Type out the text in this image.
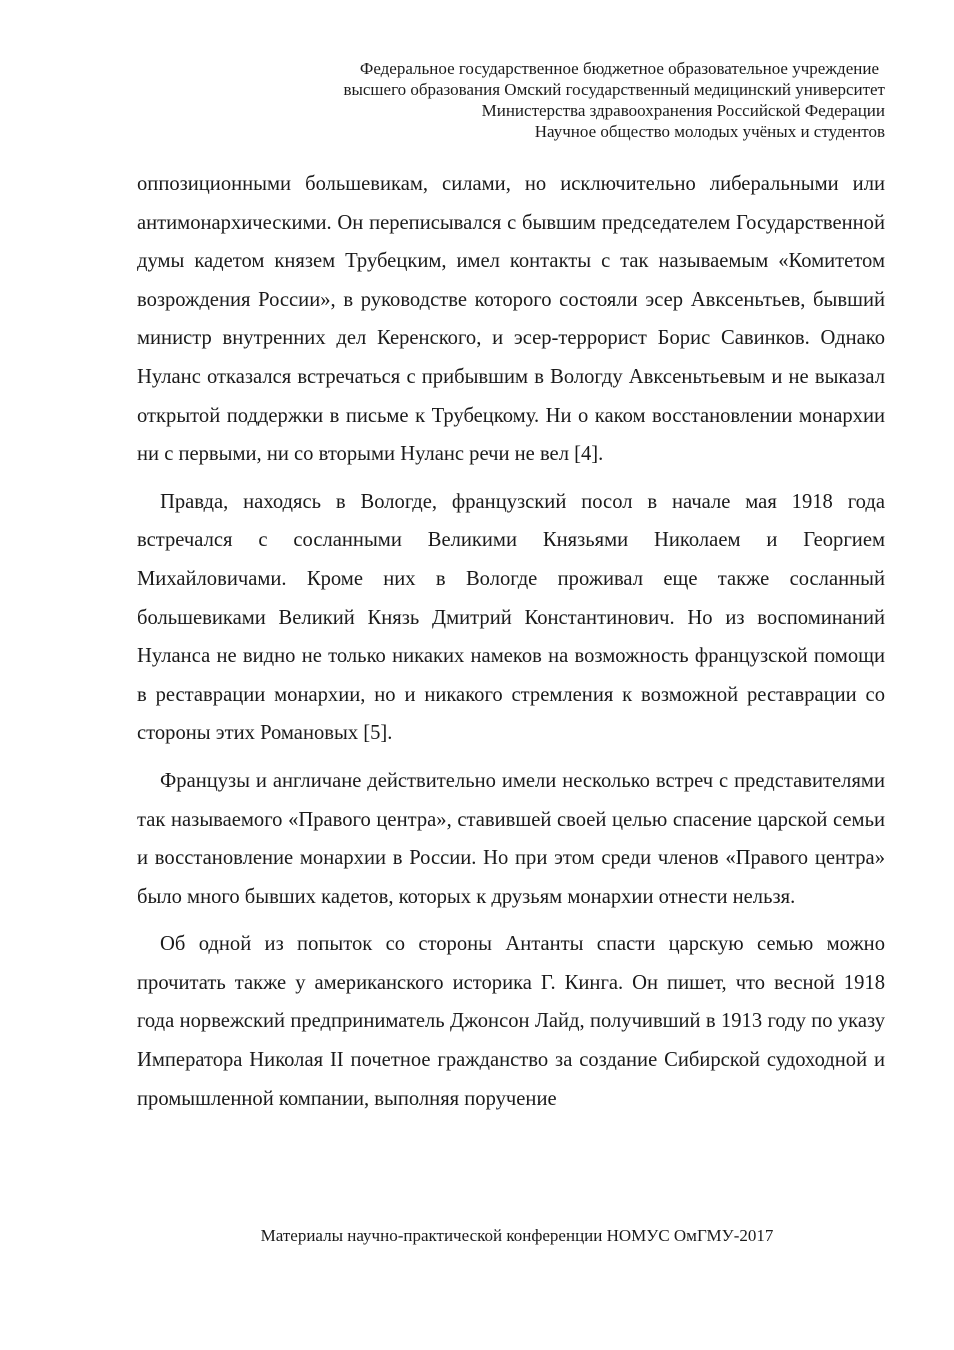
Федеральное государственное бюджетное образовательное учреждение
высшего образования Омский государственный медицинский университет
Министерства здравоохранения Российской Федерации
Научное общество молодых учёных и студентов

оппозиционными большевикам, силами, но исключительно либеральными или антимонархическими. Он переписывался с бывшим председателем Государственной думы кадетом князем Трубецким, имел контакты с так называемым «Комитетом возрождения России», в руководстве которого состояли эсер Авксеньтьев, бывший министр внутренних дел Керенского, и эсер-террорист Борис Савинков. Однако Нуланс отказался встречаться с прибывшим в Вологду Авксеньтьевым и не выказал открытой поддержки в письме к Трубецкому. Ни о каком восстановлении монархии ни с первыми, ни со вторыми Нуланс речи не вел [4].

Правда, находясь в Вологде, французский посол в начале мая 1918 года встречался с сосланными Великими Князьями Николаем и Георгием Михайловичами. Кроме них в Вологде проживал еще также сосланный большевиками Великий Князь Дмитрий Константинович. Но из воспоминаний Нуланса не видно не только никаких намеков на возможность французской помощи в реставрации монархии, но и никакого стремления к возможной реставрации со стороны этих Романовых [5].

Французы и англичане действительно имели несколько встреч с представителями так называемого «Правого центра», ставившей своей целью спасение царской семьи и восстановление монархии в России. Но при этом среди членов «Правого центра» было много бывших кадетов, которых к друзьям монархии отнести нельзя.

Об одной из попыток со стороны Антанты спасти царскую семью можно прочитать также у американского историка Г. Кинга. Он пишет, что весной 1918 года норвежский предприниматель Джонсон Лайд, получивший в 1913 году по указу Императора Николая II почетное гражданство за создание Сибирской судоходной и промышленной компании, выполняя поручение

Материалы научно-практической конференции НОМУС ОмГМУ-2017
